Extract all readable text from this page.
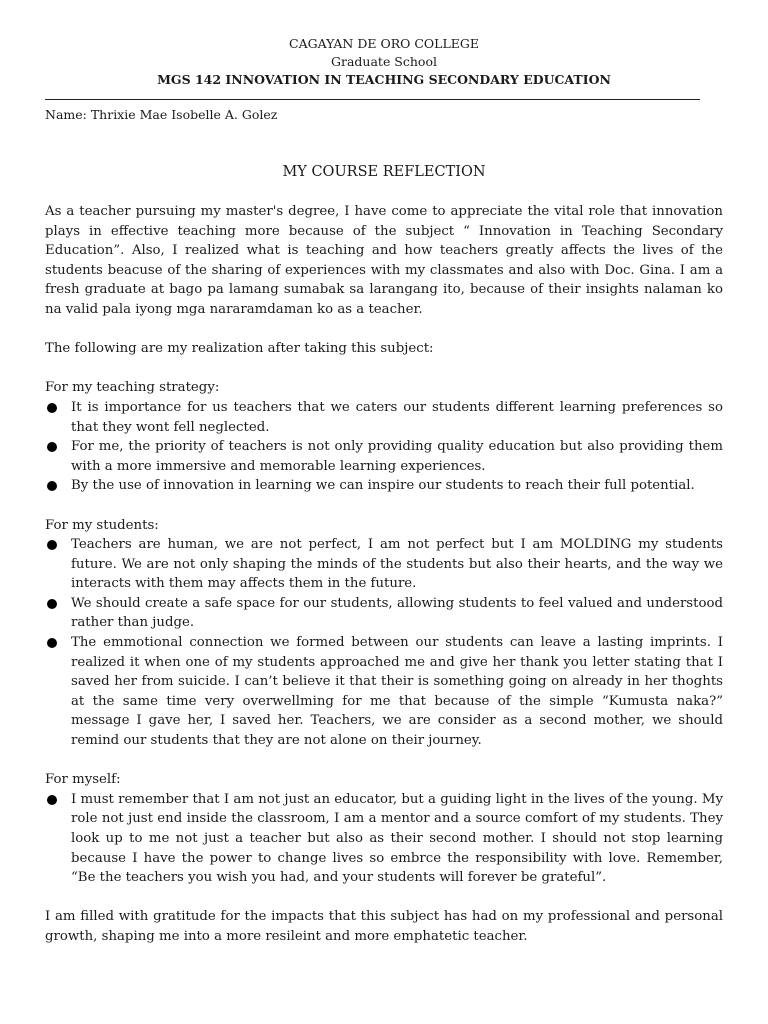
CAGAYAN DE ORO COLLEGE
Graduate School
MGS 142 INNOVATION IN TEACHING SECONDARY EDUCATION
Name: Thrixie Mae Isobelle A. Golez
MY COURSE REFLECTION

As a teacher pursuing my master's degree, I have come to appreciate the vital role that innovation plays in effective teaching more because of the subject “ Innovation in Teaching Secondary Education”. Also, I realized what is teaching and how teachers greatly affects the lives of the students beacuse of the sharing of experiences with my classmates and also with Doc. Gina. I am a fresh graduate at bago pa lamang sumabak sa larangang ito, because of their insights nalaman ko na valid pala iyong mga nararamdaman ko as a teacher.

The following are my realization after taking this subject:

For my teaching strategy:

It is importance for us teachers that we caters our students different learning preferences so that they wont fell neglected.
For me, the priority of teachers is not only providing quality education but also providing them with a more immersive and memorable learning experiences.
By the use of innovation in learning we can inspire our students to reach their full potential.

For my students:

Teachers are human, we are not perfect, I am not perfect but I am MOLDING my students future. We are not only shaping the minds of the students but also their hearts, and the way we interacts with them may affects them in the future.
We should create a safe space for our students, allowing students to feel valued and understood rather than judge.
The emmotional connection we formed between our students can leave a lasting imprints. I realized it when one of my students approached me and give her thank you letter stating that I saved her from suicide. I can’t believe it that their is something going on already in her thoghts at the same time very overwellming for me that because of the simple “Kumusta naka?” message I gave her, I saved her. Teachers, we are consider as a second mother, we should remind our students that they are not alone on their journey.

For myself:

I must remember that I am not just an educator, but a guiding light in the lives of the young. My role not just end inside the classroom, I am a mentor and a source comfort of my students. They look up to me not just a teacher but also as their second mother. I should not stop learning because I have the power to change lives so embrce the responsibility with love. Remember, “Be the teachers you wish you had, and your students will forever be grateful”.

I am filled with gratitude for the impacts that this subject has had on my professional and personal growth, shaping me into a more resileint and more emphatetic teacher.
